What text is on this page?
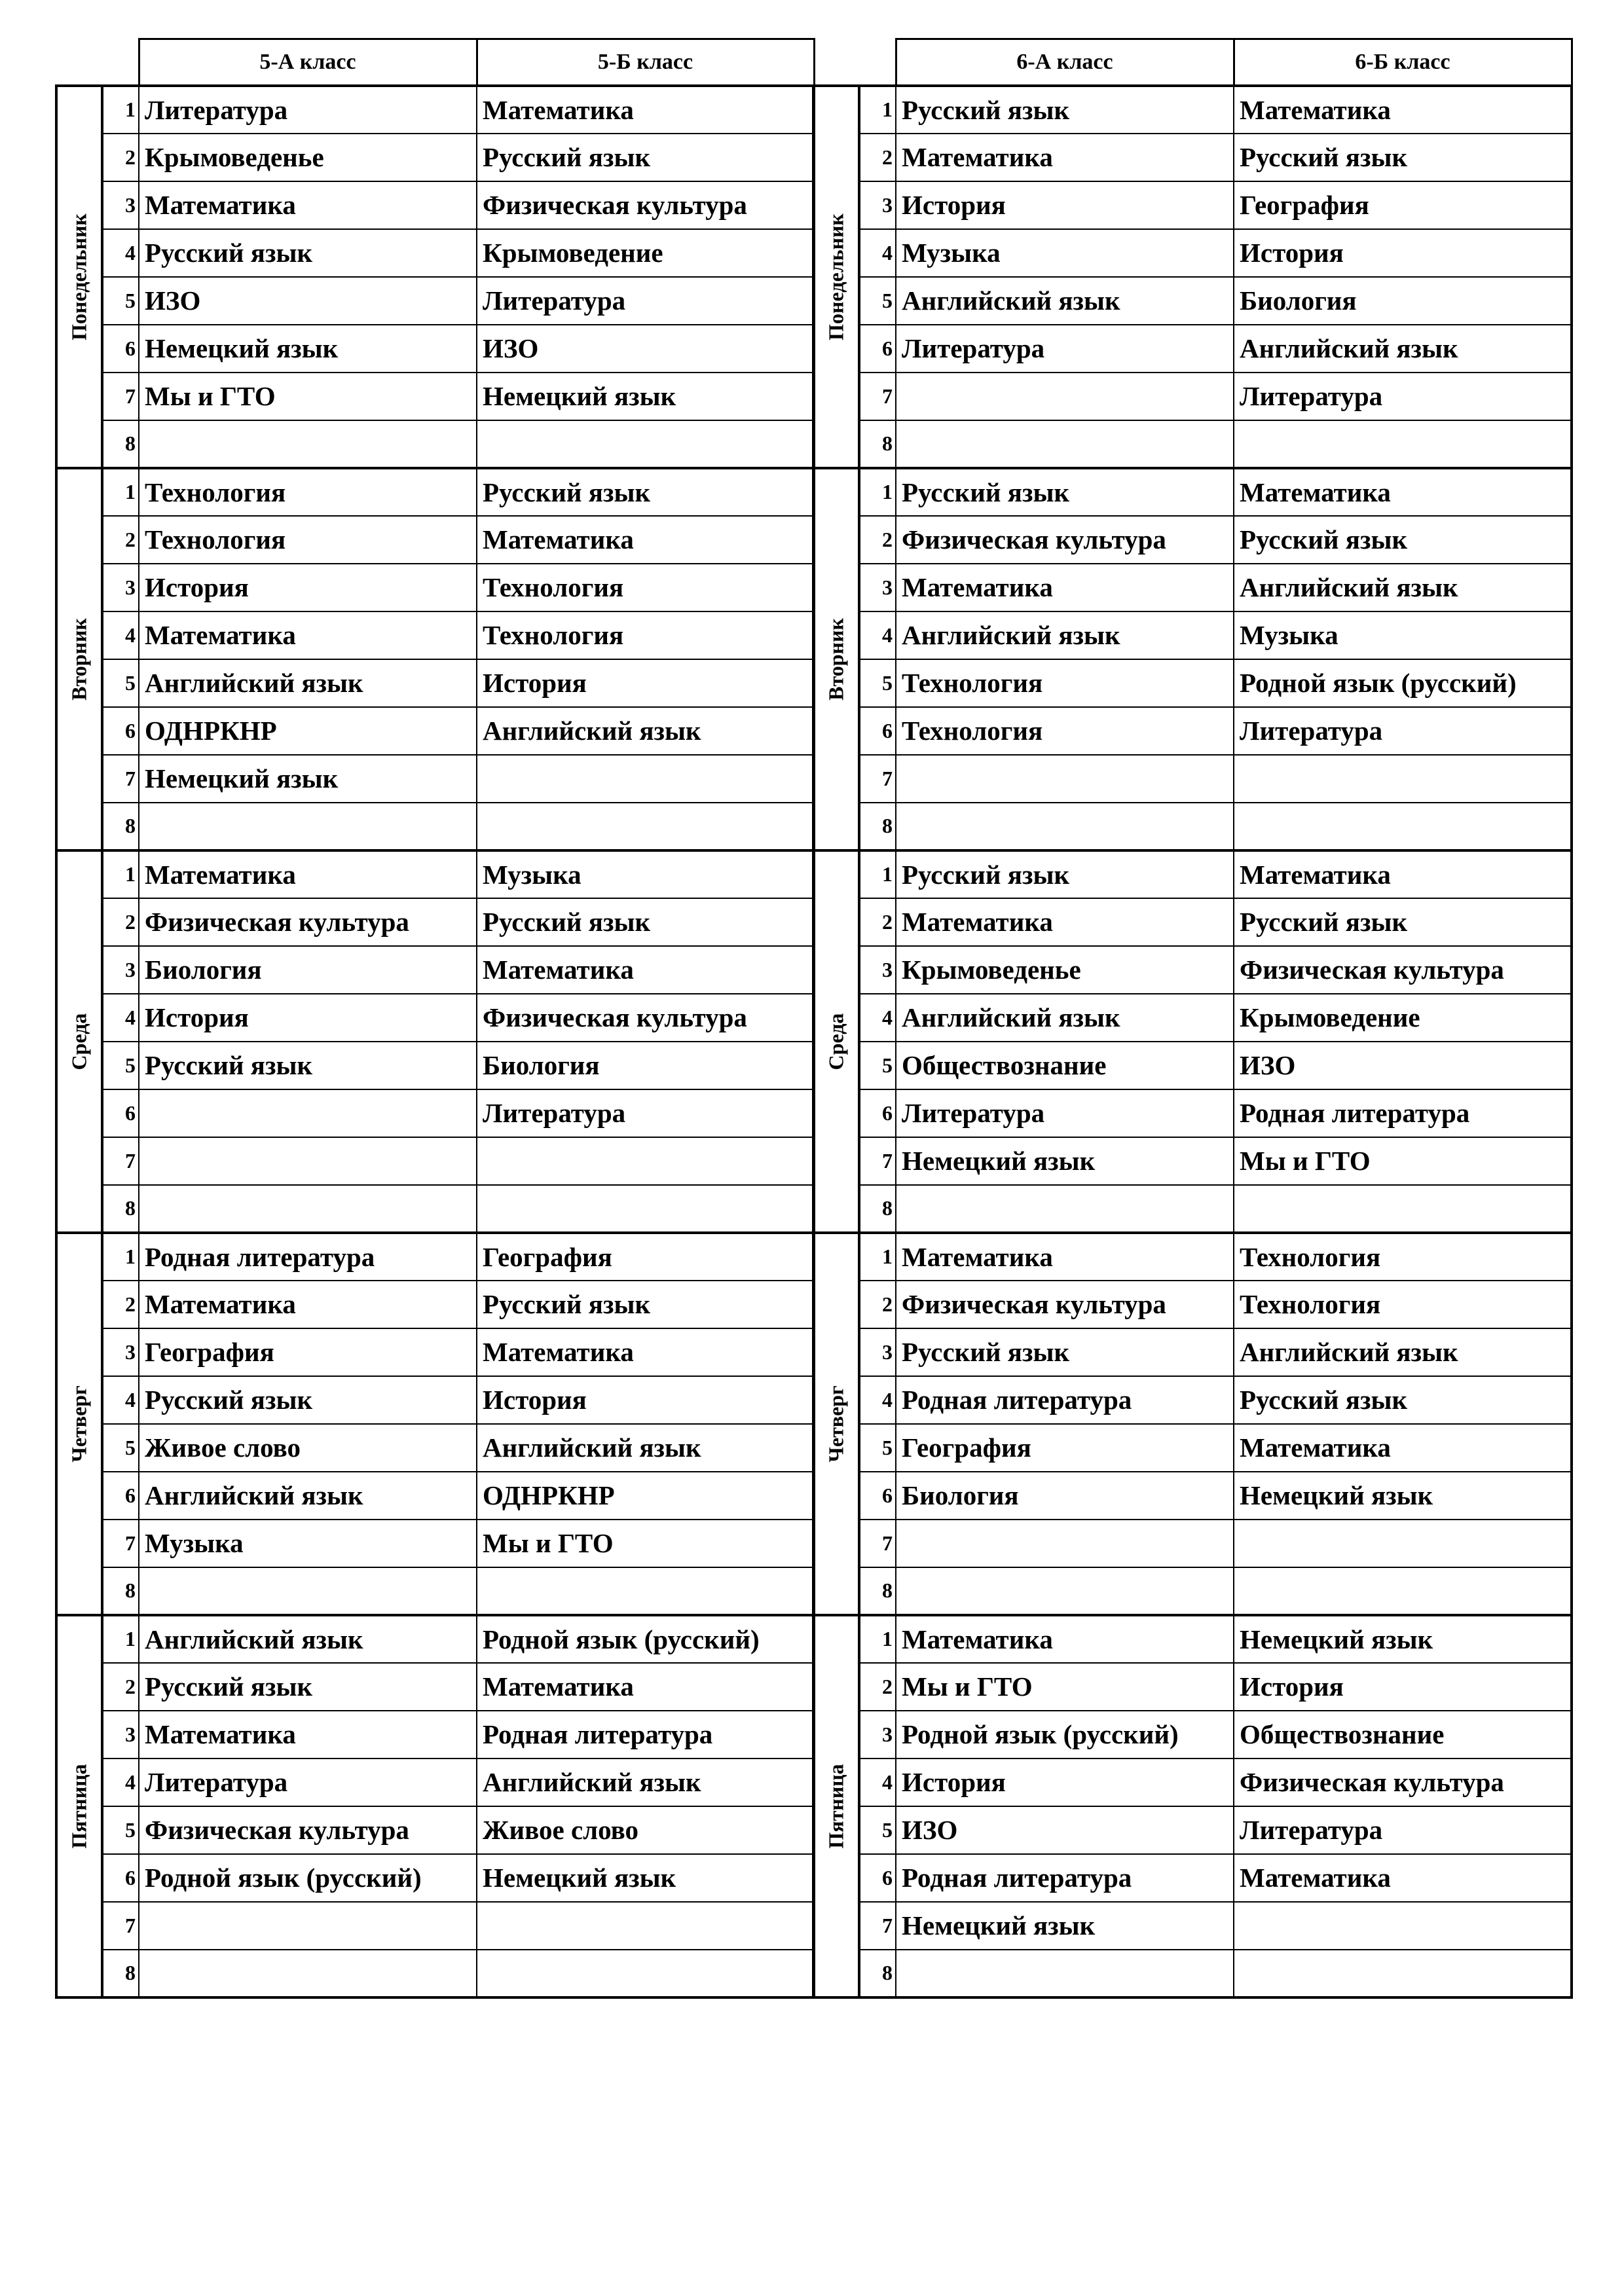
		5-А класс	5-Б класс

Понедельник	1	Литература	Математика
	2	Крымоведенье	Русский язык
	3	Математика	Физическая культура
	4	Русский язык	Крымоведение
	5	ИЗО	Литература
	6	Немецкий язык	ИЗО
	7	Мы и ГТО	Немецкий язык
	8		

Вторник	1	Технология	Русский язык
	2	Технология	Математика
	3	История	Технология
	4	Математика	Технология
	5	Английский язык	История
	6	ОДНРКНР	Английский язык
	7	Немецкий язык	
	8		

Среда	1	Математика	Музыка
	2	Физическая культура	Русский язык
	3	Биология	Математика
	4	История	Физическая культура
	5	Русский язык	Биология
	6		Литература
	7		
	8		

Четверг	1	Родная литература	География
	2	Математика	Русский язык
	3	География	Математика
	4	Русский язык	История
	5	Живое слово	Английский язык
	6	Английский язык	ОДНРКНР
	7	Музыка	Мы и ГТО
	8		

Пятница	1	Английский язык	Родной язык (русский)
	2	Русский язык	Математика
	3	Математика	Родная литература
	4	Литература	Английский язык
	5	Физическая культура	Живое слово
	6	Родной язык (русский)	Немецкий язык
	7		
	8		
		6-А класс	6-Б класс

Понедельник	1	Русский язык	Математика
	2	Математика	Русский язык
	3	История	География
	4	Музыка	История
	5	Английский язык	Биология
	6	Литература	Английский язык
	7		Литература
	8		

Вторник	1	Русский язык	Математика
	2	Физическая культура	Русский язык
	3	Математика	Английский язык
	4	Английский язык	Музыка
	5	Технология	Родной язык (русский)
	6	Технология	Литература
	7		
	8		

Среда	1	Русский язык	Математика
	2	Математика	Русский язык
	3	Крымоведенье	Физическая культура
	4	Английский язык	Крымоведение
	5	Обществознание	ИЗО
	6	Литература	Родная литература
	7	Немецкий язык	Мы и ГТО
	8		

Четверг	1	Математика	Технология
	2	Физическая культура	Технология
	3	Русский язык	Английский язык
	4	Родная литература	Русский язык
	5	География	Математика
	6	Биология	Немецкий язык
	7		
	8		

Пятница	1	Математика	Немецкий язык
	2	Мы и ГТО	История
	3	Родной язык (русский)	Обществознание
	4	История	Физическая культура
	5	ИЗО	Литература
	6	Родная литература	Математика
	7	Немецкий язык	
	8		
